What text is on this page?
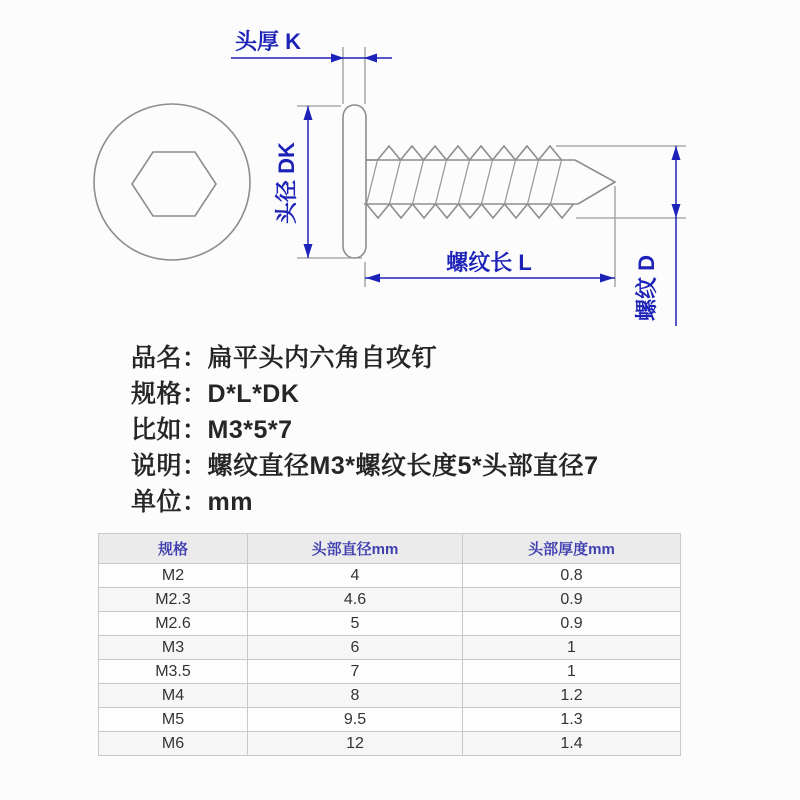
头厚 K
头径 DK
螺纹长 L	螺纹 D
品名：扁平头内六角自攻钉
规格：D*L*DK
比如：M3*5*7
说明：螺纹直径M3*螺纹长度5*头部直径7
单位：mm
规格	头部直径mm	头部厚度mm
M2	4	0.8
M2.3	4.6	0.9
M2.6	5	0.9
M3	6	1
M3.5	7	1
M4	8	1.2
M5	9.5	1.3
M6	12	1.4
